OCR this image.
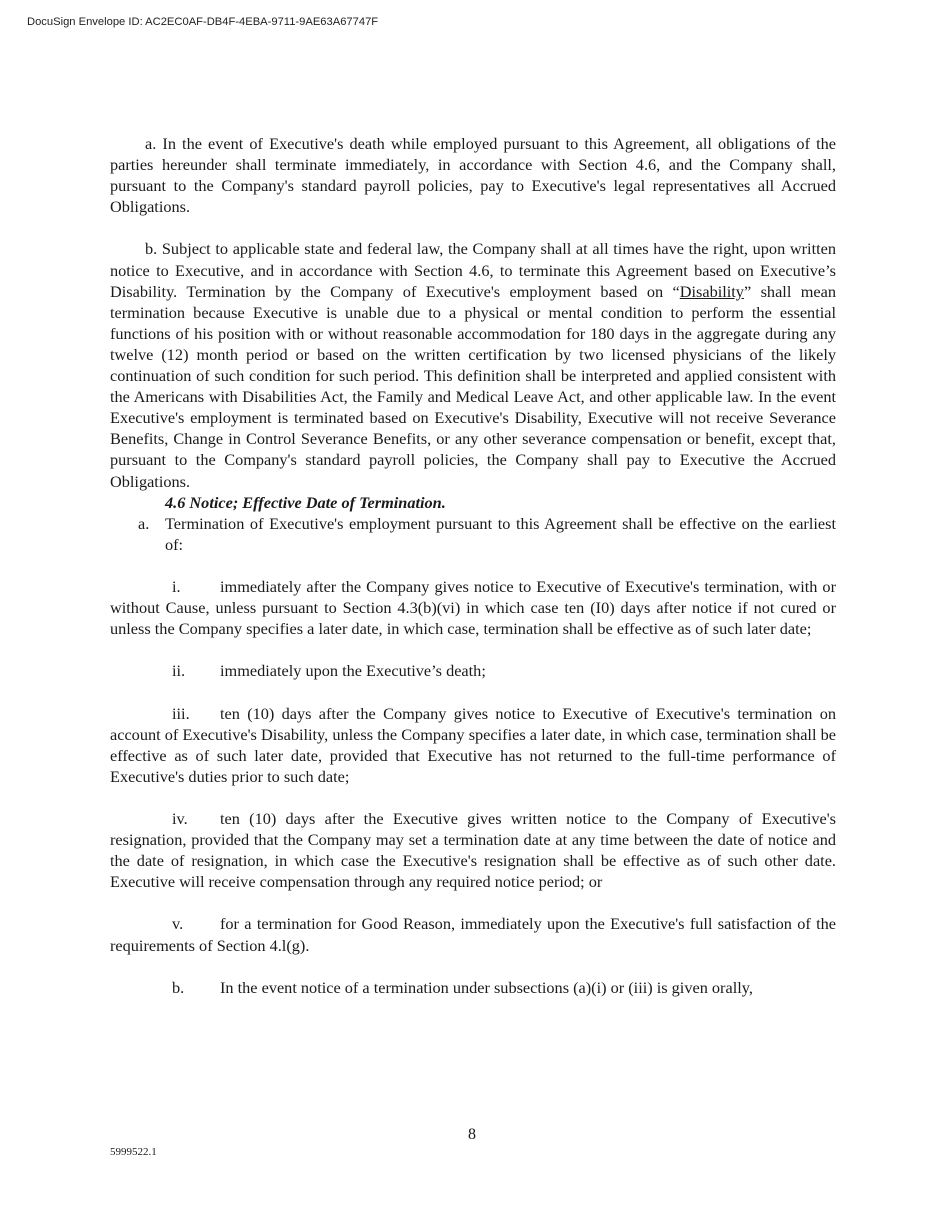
DocuSign Envelope ID: AC2EC0AF-DB4F-4EBA-9711-9AE63A67747F

a. In the event of Executive's death while employed pursuant to this Agreement, all obligations of the parties hereunder shall terminate immediately, in accordance with Section 4.6, and the Company shall, pursuant to the Company's standard payroll policies, pay to Executive's legal representatives all Accrued Obligations.

b. Subject to applicable state and federal law, the Company shall at all times have the right, upon written notice to Executive, and in accordance with Section 4.6, to terminate this Agreement based on Executive’s Disability. Termination by the Company of Executive's employment based on “Disability” shall mean termination because Executive is unable due to a physical or mental condition to perform the essential functions of his position with or without reasonable accommodation for 180 days in the aggregate during any twelve (12) month period or based on the written certification by two licensed physicians of the likely continuation of such condition for such period. This definition shall be interpreted and applied consistent with the Americans with Disabilities Act, the Family and Medical Leave Act, and other applicable law. In the event Executive's employment is terminated based on Executive's Disability, Executive will not receive Severance Benefits, Change in Control Severance Benefits, or any other severance compensation or benefit, except that, pursuant to the Company's standard payroll policies, the Company shall pay to Executive the Accrued Obligations.

4.6 Notice; Effective Date of Termination.

a. Termination of Executive's employment pursuant to this Agreement shall be effective on the earliest of:

i. immediately after the Company gives notice to Executive of Executive's termination, with or without Cause, unless pursuant to Section 4.3(b)(vi) in which case ten (I0) days after notice if not cured or unless the Company specifies a later date, in which case, termination shall be effective as of such later date;

ii. immediately upon the Executive’s death;

iii. ten (10) days after the Company gives notice to Executive of Executive's termination on account of Executive's Disability, unless the Company specifies a later date, in which case, termination shall be effective as of such later date, provided that Executive has not returned to the full-time performance of Executive's duties prior to such date;

iv. ten (10) days after the Executive gives written notice to the Company of Executive's resignation, provided that the Company may set a termination date at any time between the date of notice and the date of resignation, in which case the Executive's resignation shall be effective as of such other date. Executive will receive compensation through any required notice period; or

v. for a termination for Good Reason, immediately upon the Executive's full satisfaction of the requirements of Section 4.l(g).

b. In the event notice of a termination under subsections (a)(i) or (iii) is given orally,

8
5999522.1
